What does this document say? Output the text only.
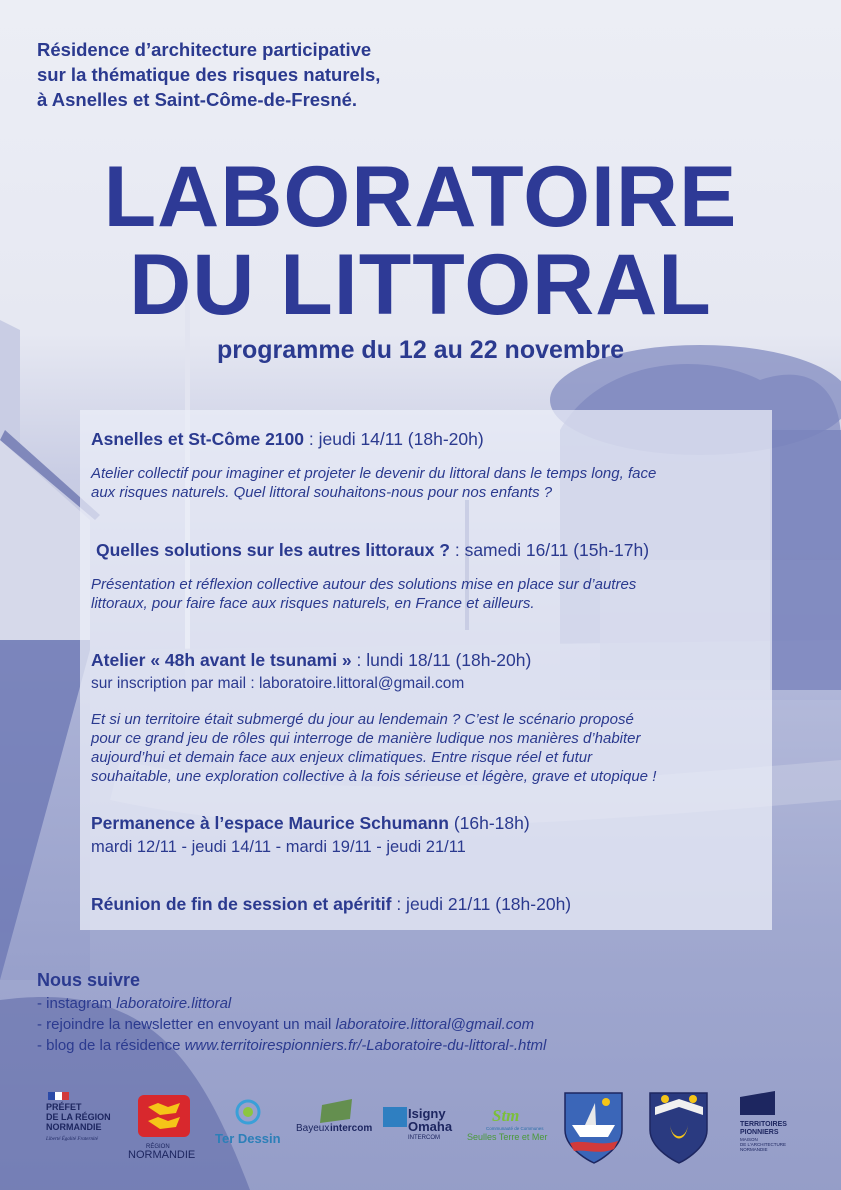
Résidence d’architecture participative
sur la thématique des risques naturels,
à Asnelles et Saint-Côme-de-Fresné.
LABORATOIRE
DU LITTORAL
programme du 12 au 22 novembre
Asnelles et St-Côme 2100 : jeudi 14/11 (18h-20h)
Atelier collectif pour imaginer et projeter le devenir du littoral dans le temps long, face
aux risques naturels. Quel littoral souhaitons-nous pour nos enfants ?
Quelles solutions sur les autres littoraux ? : samedi 16/11 (15h-17h)
Présentation et réflexion collective autour des solutions mise en place sur d’autres
littoraux, pour faire face aux risques naturels, en France et ailleurs.
Atelier « 48h avant le tsunami » : lundi 18/11 (18h-20h)
sur inscription par mail : laboratoire.littoral@gmail.com
Et si un territoire était submergé du jour au lendemain ? C’est le scénario proposé
pour ce grand jeu de rôles qui interroge de manière ludique nos manières d’habiter
aujourd’hui et demain face aux enjeux climatiques. Entre risque réel et futur
souhaitable, une exploration collective à la fois sérieuse et légère, grave et utopique !
Permanence à l’espace Maurice Schumann (16h-18h)
mardi 12/11 - jeudi 14/11 - mardi 19/11 - jeudi 21/11
Réunion de fin de session et apéritif : jeudi 21/11 (18h-20h)
Nous suivre
- instagram laboratoire.littoral
- rejoindre la newsletter en envoyant un mail laboratoire.littoral@gmail.com
- blog de la résidence www.territoirespionniers.fr/-Laboratoire-du-littoral-.html
PRÉFET
DE LA RÉGION
NORMANDIE
Liberté Égalité Fraternité
RÉGION
NORMANDIE
Ter Dessin
Bayeux intercom
Isigny
Omaha
INTERCOM
Stm
Communauté de Communes
Seulles Terre et Mer
TERRITOIRES
PIONNIERS
MAISON
DE L’ARCHITECTURE
NORMANDIE
